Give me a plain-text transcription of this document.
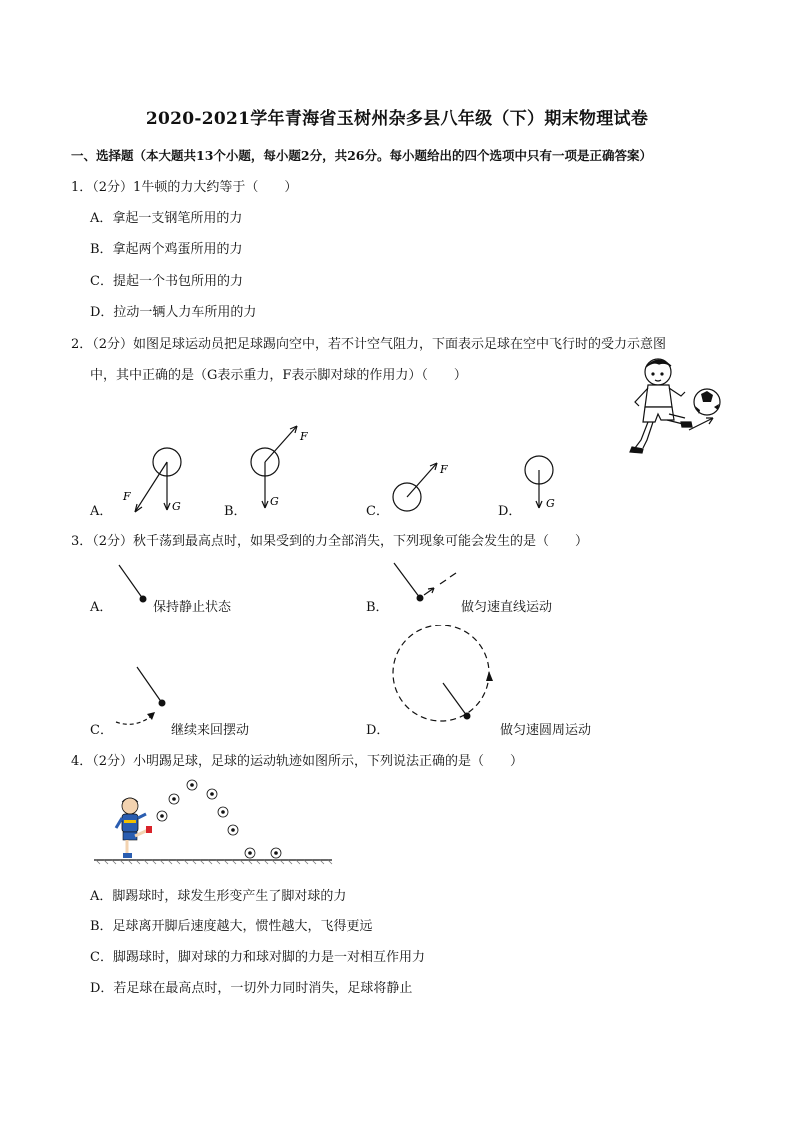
2020-2021学年青海省玉树州杂多县八年级（下）期末物理试卷
一、选择题（本大题共13个小题，每小题2分，共26分。每小题给出的四个选项中只有一项是正确答案）
1．（2分）1牛顿的力大约等于（　　）
A．拿起一支钢笔所用的力
B．拿起两个鸡蛋所用的力
C．提起一个书包所用的力
D．拉动一辆人力车所用的力
2．（2分）如图足球运动员把足球踢向空中，若不计空气阻力，下面表示足球在空中飞行时的受力示意图
中，其中正确的是（G表示重力，F表示脚对球的作用力）（　　）
A．	B．	C．	D．
F
G
F
G
F
G
3．（2分）秋千荡到最高点时，如果受到的力全部消失，下列现象可能会发生的是（　　）
A．	B．
C．	D．
保持静止状态	做匀速直线运动
继续来回摆动	做匀速圆周运动
4．（2分）小明踢足球，足球的运动轨迹如图所示，下列说法正确的是（　　）
A．脚踢球时，球发生形变产生了脚对球的力
B．足球离开脚后速度越大，惯性越大，飞得更远
C．脚踢球时，脚对球的力和球对脚的力是一对相互作用力
D．若足球在最高点时，一切外力同时消失，足球将静止
